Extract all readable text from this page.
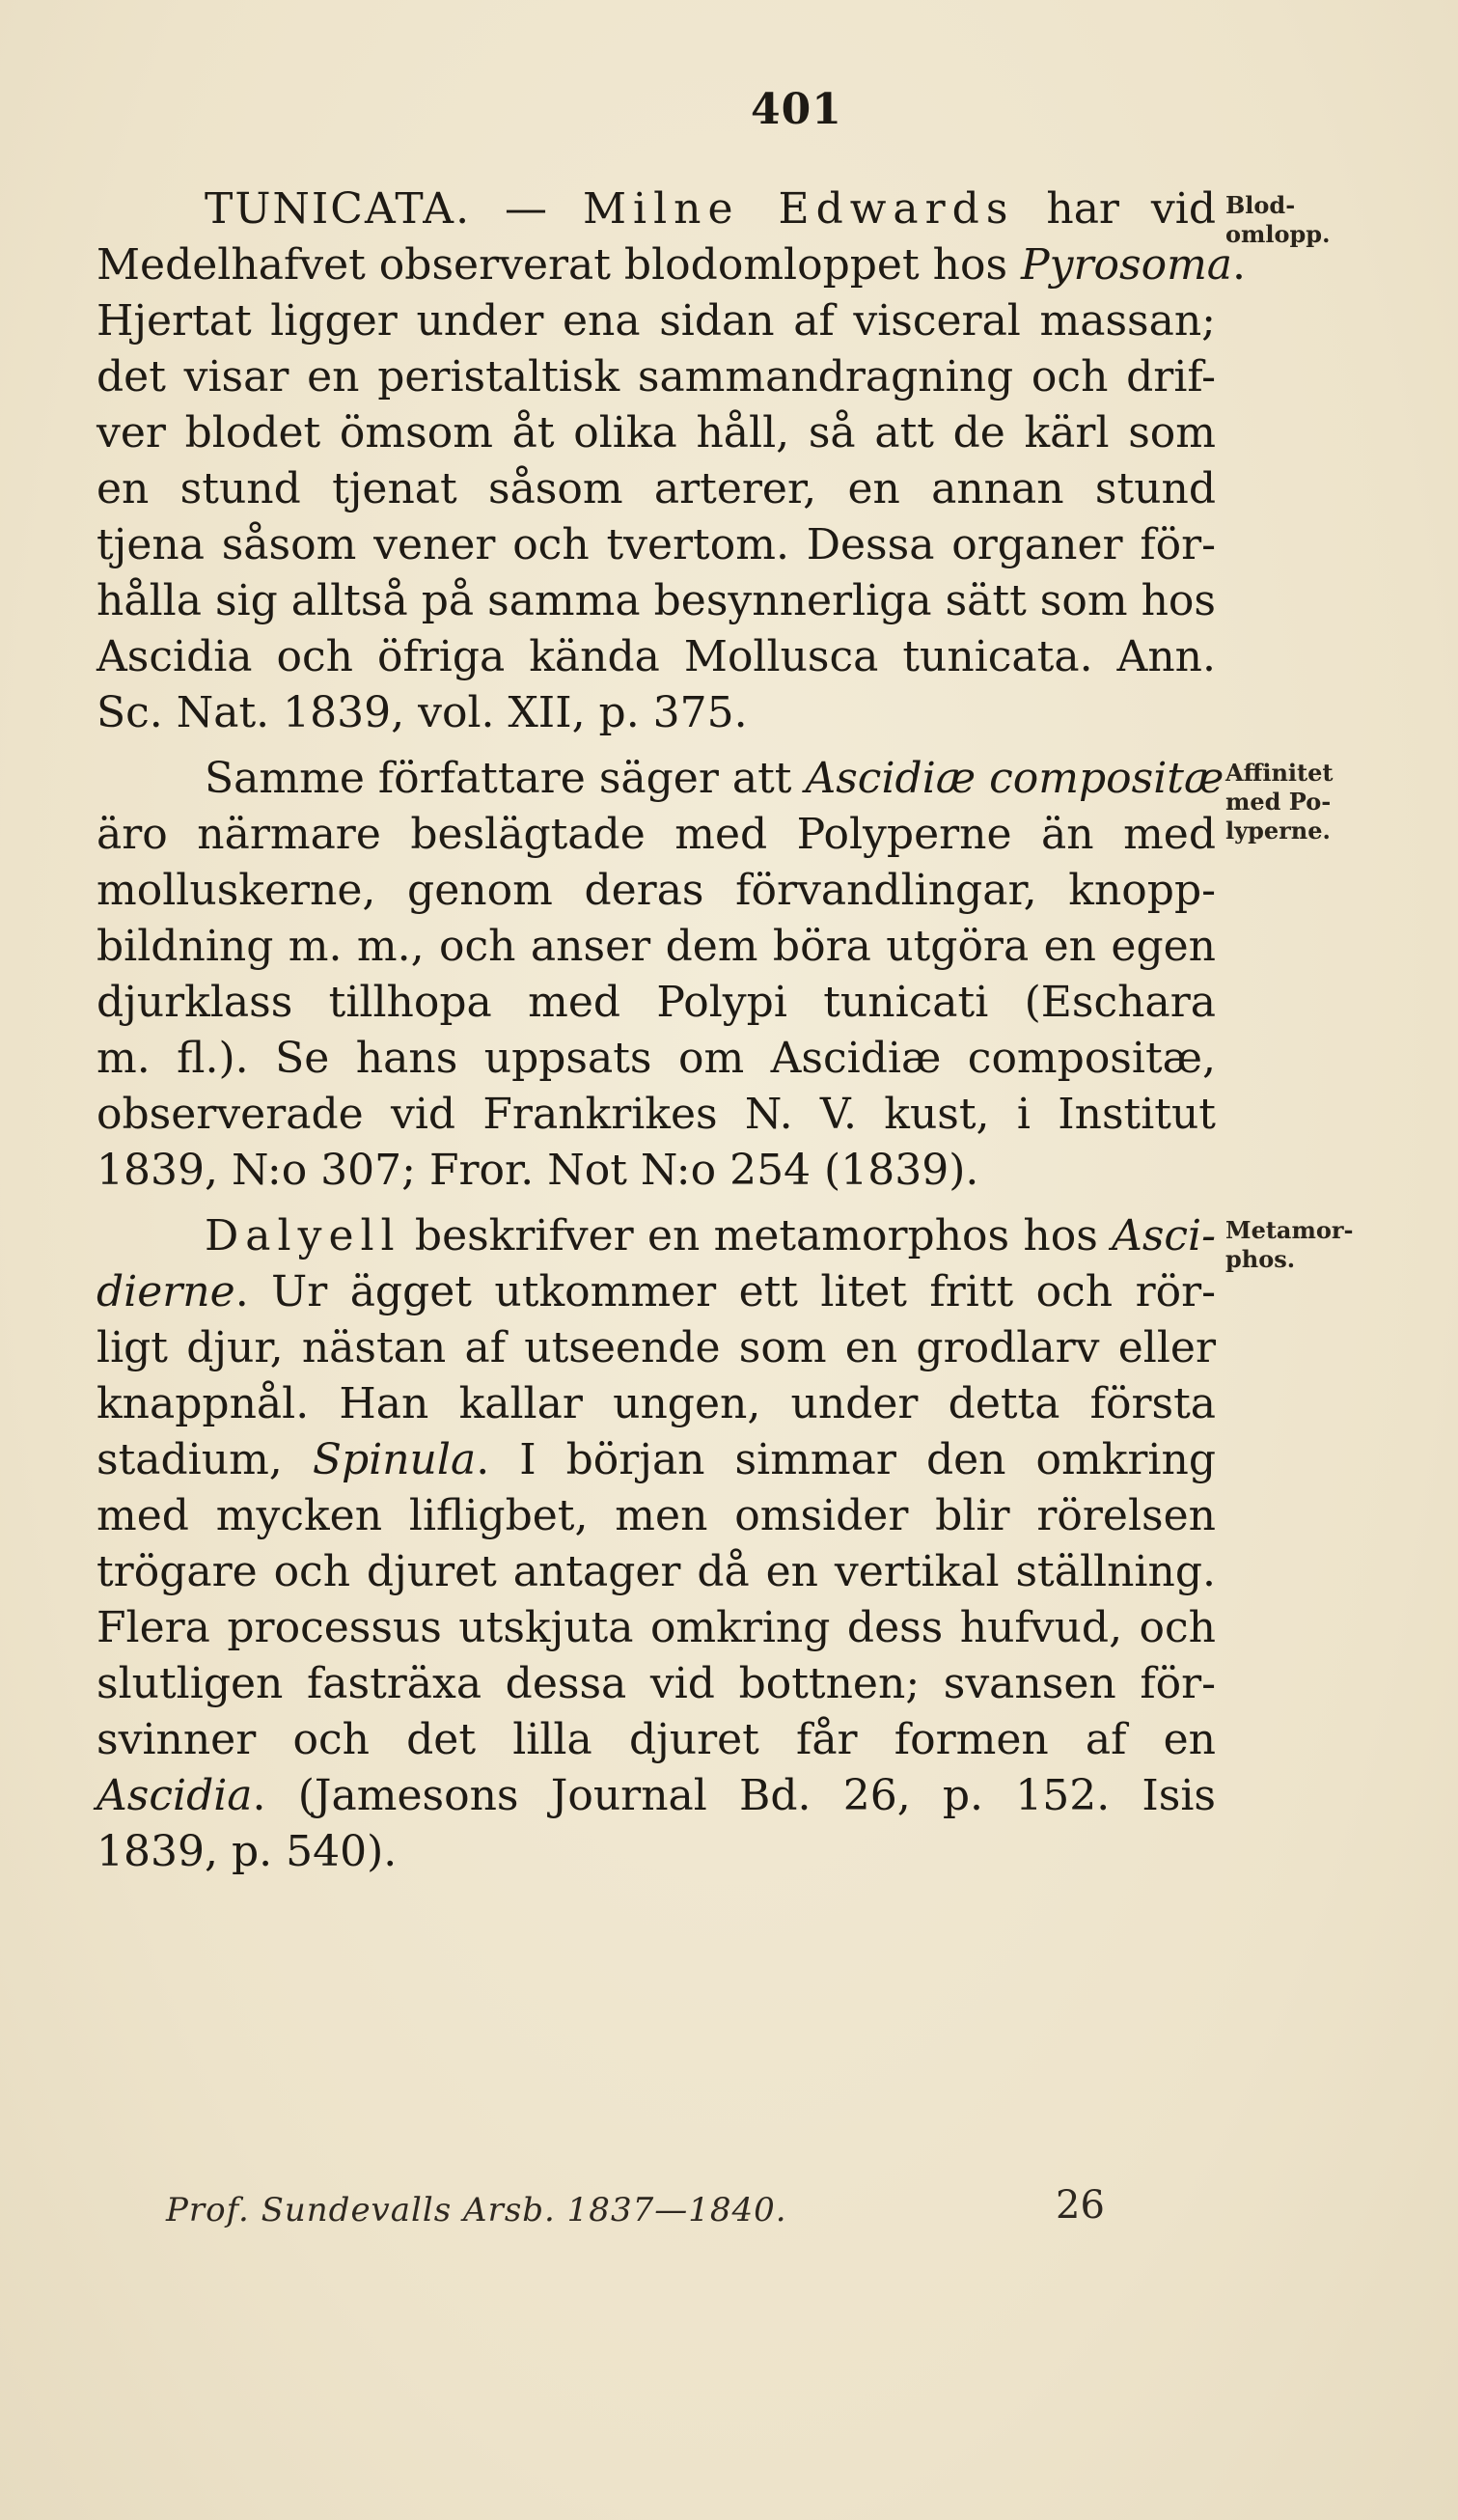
401
TUNICATA. — Milne Edwards har vid
Medelhafvet observerat blodomloppet hos Pyrosoma.
Hjertat ligger under ena sidan af visceral massan;
det visar en peristaltisk sammandragning och drif-
ver blodet ömsom åt olika håll, så att de kärl som
en stund tjenat såsom arterer, en annan stund
tjena såsom vener och tvertom. Dessa organer för-
hålla sig alltså på samma besynnerliga sätt som hos
Ascidia och öfriga kända Mollusca tunicata. Ann.
Sc. Nat. 1839, vol. XII, p. 375.
Samme författare säger att Ascidiæ compositæ
äro närmare beslägtade med Polyperne än med
molluskerne, genom deras förvandlingar, knopp-
bildning m. m., och anser dem böra utgöra en egen
djurklass tillhopa med Polypi tunicati (Eschara
m. fl.). Se hans uppsats om Ascidiæ compositæ,
observerade vid Frankrikes N. V. kust, i Institut
1839, N:o 307; Fror. Not N:o 254 (1839).
Dalyell beskrifver en metamorphos hos Asci-
dierne. Ur ägget utkommer ett litet fritt och rör-
ligt djur, nästan af utseende som en grodlarv eller
knappnål. Han kallar ungen, under detta första
stadium, Spinula. I början simmar den omkring
med mycken lifligbet, men omsider blir rörelsen
trögare och djuret antager då en vertikal ställning.
Flera processus utskjuta omkring dess hufvud, och
slutligen fasträxa dessa vid bottnen; svansen för-
svinner och det lilla djuret får formen af en
Ascidia. (Jamesons Journal Bd. 26, p. 152. Isis
1839, p. 540).
Blod-
omlopp.
Affinitet
med Po-
lyperne.
Metamor-
phos.
Prof. Sundevalls Arsb. 1837—1840.	26
